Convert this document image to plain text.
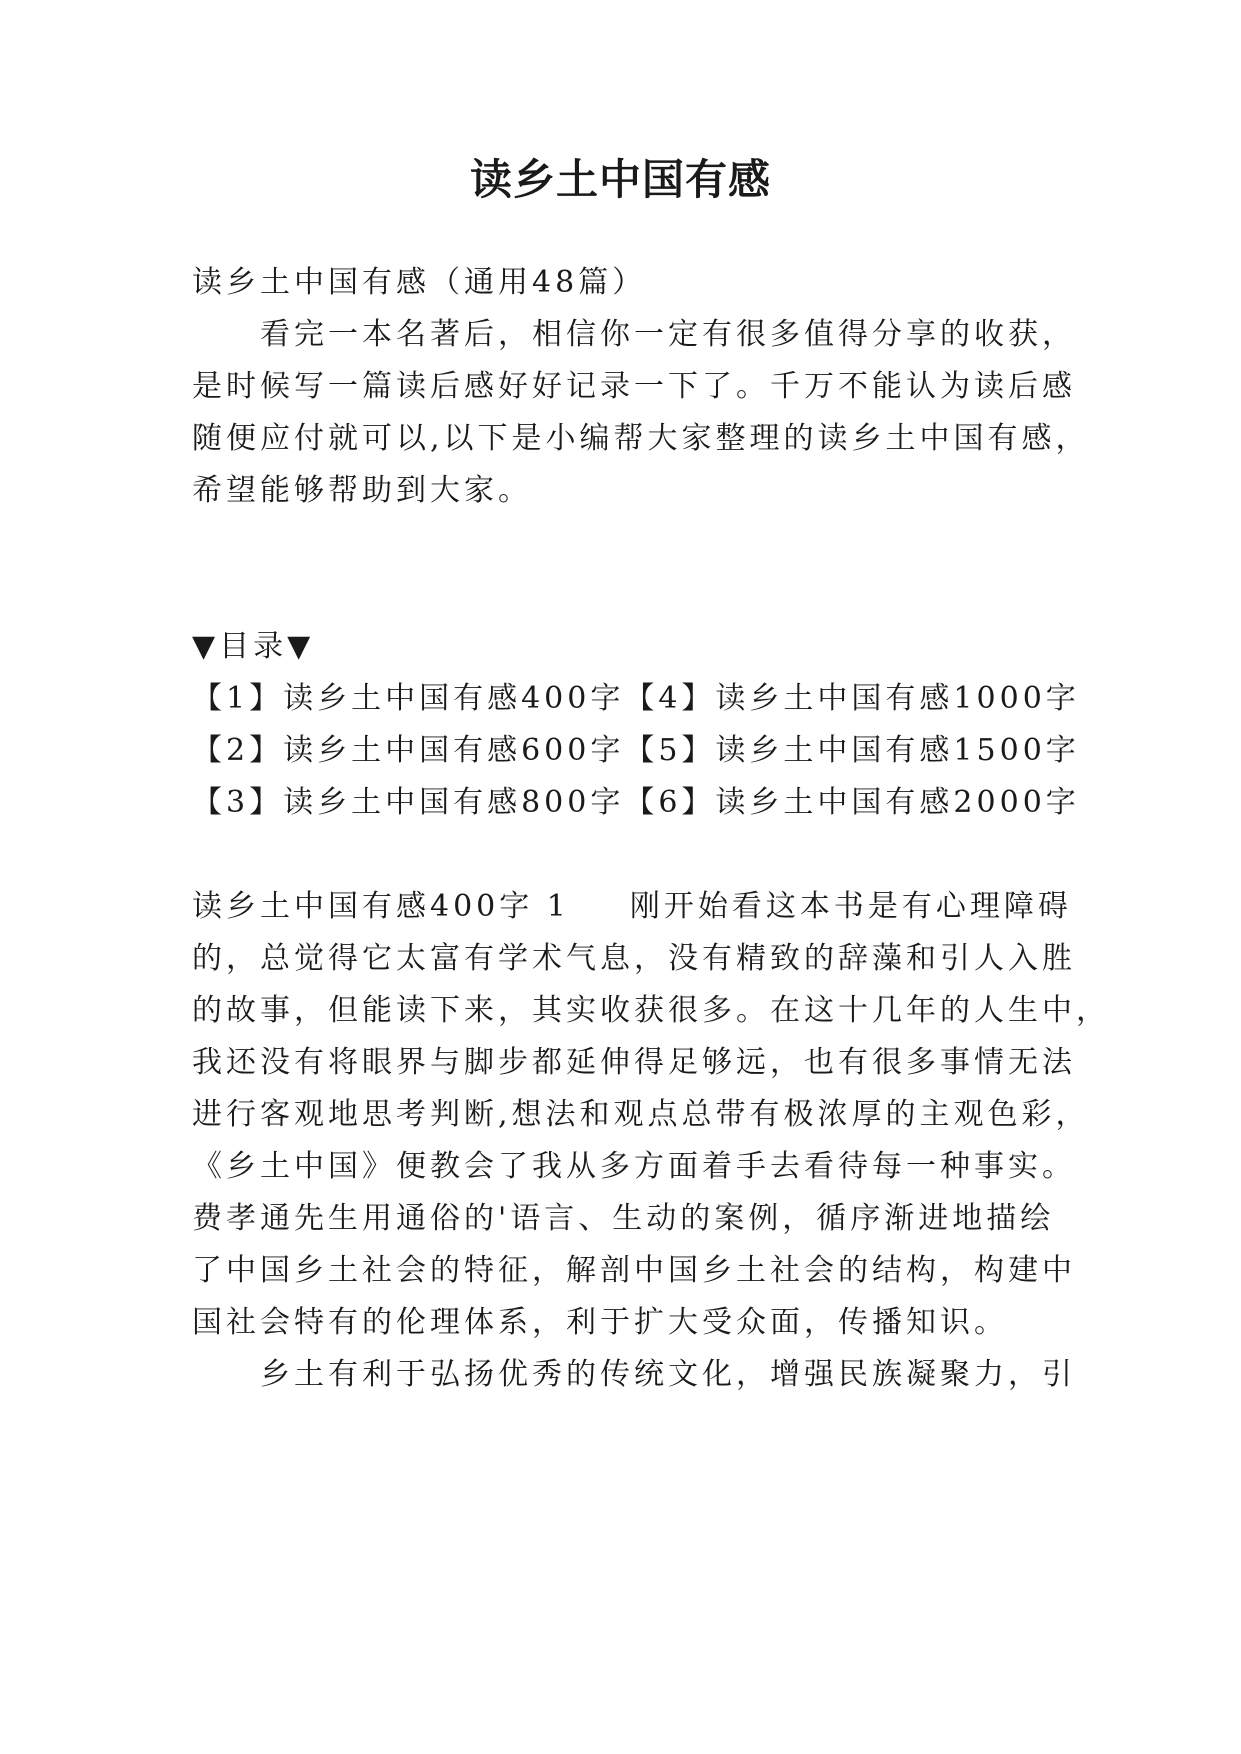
读乡土中国有感
读乡土中国有感（通用48篇）
看完一本名著后，相信你一定有很多值得分享的收获，
是时候写一篇读后感好好记录一下了。千万不能认为读后感
随便应付就可以,以下是小编帮大家整理的读乡土中国有感，
希望能够帮助到大家。
▼目录▼
【1】读乡土中国有感400字【4】读乡土中国有感1000字
【2】读乡土中国有感600字【5】读乡土中国有感1500字
【3】读乡土中国有感800字【6】读乡土中国有感2000字
读乡土中国有感400字 1 刚开始看这本书是有心理障碍
的，总觉得它太富有学术气息，没有精致的辞藻和引人入胜
的故事，但能读下来，其实收获很多。在这十几年的人生中，
我还没有将眼界与脚步都延伸得足够远，也有很多事情无法
进行客观地思考判断,想法和观点总带有极浓厚的主观色彩，
《乡土中国》便教会了我从多方面着手去看待每一种事实。
费孝通先生用通俗的'语言、生动的案例，循序渐进地描绘
了中国乡土社会的特征，解剖中国乡土社会的结构，构建中
国社会特有的伦理体系，利于扩大受众面，传播知识。
乡土有利于弘扬优秀的传统文化，增强民族凝聚力，引
